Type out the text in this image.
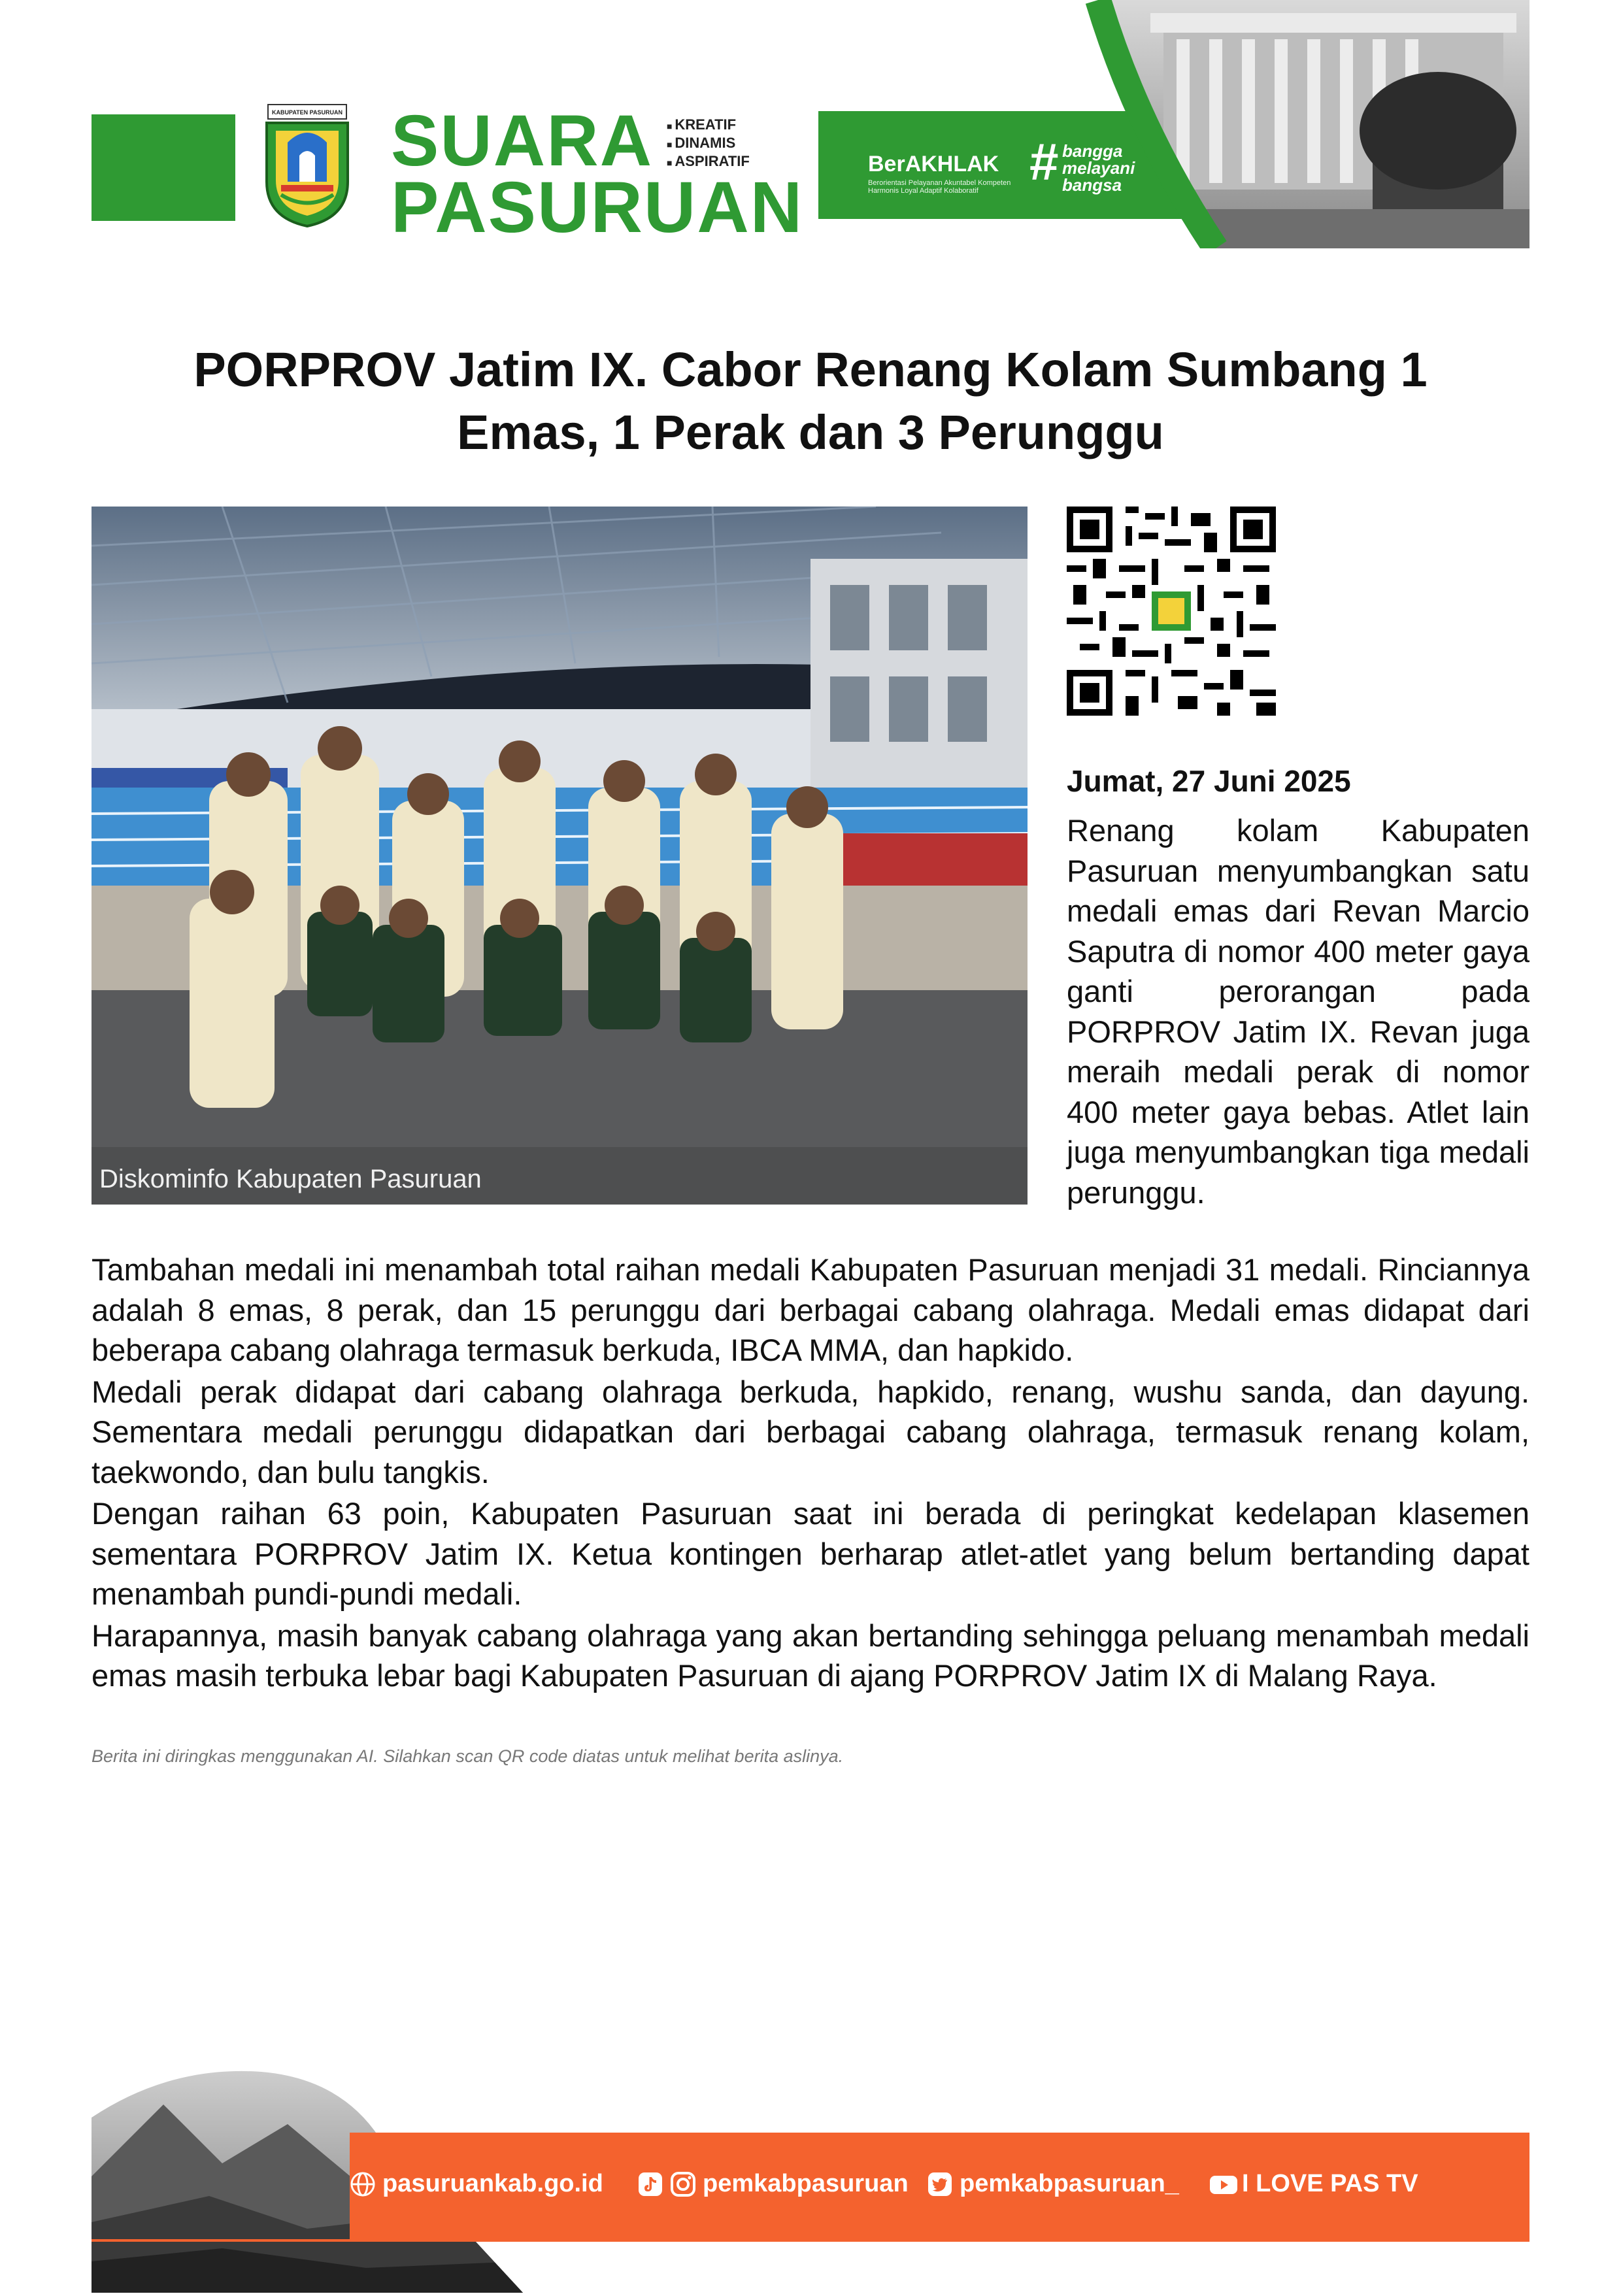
KABUPATEN PASURUAN SUARA
PASURUAN
■ KREATIF
■ DINAMIS
■ ASPIRATIF	BerAKHLAK
Berorientasi Pelayanan Akuntabel Kompeten Harmonis Loyal Adaptif Kolaboratif # bangga
melayani
bangsa
PORPROV Jatim IX. Cabor Renang Kolam Sumbang 1
Emas, 1 Perak dan 3 Perunggu
Diskominfo Kabupaten Pasuruan
Jumat, 27 Juni 2025
Renang kolam Kabupaten Pasuruan menyumbangkan satu medali emas dari Revan Marcio Saputra di nomor 400 meter gaya ganti perorangan pada PORPROV Jatim IX. Revan juga meraih medali perak di nomor 400 meter gaya bebas. Atlet lain juga menyumbangkan tiga medali perunggu.

Tambahan medali ini menambah total raihan medali Kabupaten Pasuruan menjadi 31 medali. Rinciannya adalah 8 emas, 8 perak, dan 15 perunggu dari berbagai cabang olahraga. Medali emas didapat dari beberapa cabang olahraga termasuk berkuda, IBCA MMA, dan hapkido.

Medali perak didapat dari cabang olahraga berkuda, hapkido, renang, wushu sanda, dan dayung. Sementara medali perunggu didapatkan dari berbagai cabang olahraga, termasuk renang kolam, taekwondo, dan bulu tangkis.

Dengan raihan 63 poin, Kabupaten Pasuruan saat ini berada di peringkat kedelapan klasemen sementara PORPROV Jatim IX. Ketua kontingen berharap atlet-atlet yang belum bertanding dapat menambah pundi-pundi medali.

Harapannya, masih banyak cabang olahraga yang akan bertanding sehingga peluang menambah medali emas masih terbuka lebar bagi Kabupaten Pasuruan di ajang PORPROV Jatim IX di Malang Raya.

Berita ini diringkas menggunakan AI. Silahkan scan QR code diatas untuk melihat berita aslinya.
pasuruankab.go.id	pemkabpasuruan pemkabpasuruan_	I LOVE PAS TV
